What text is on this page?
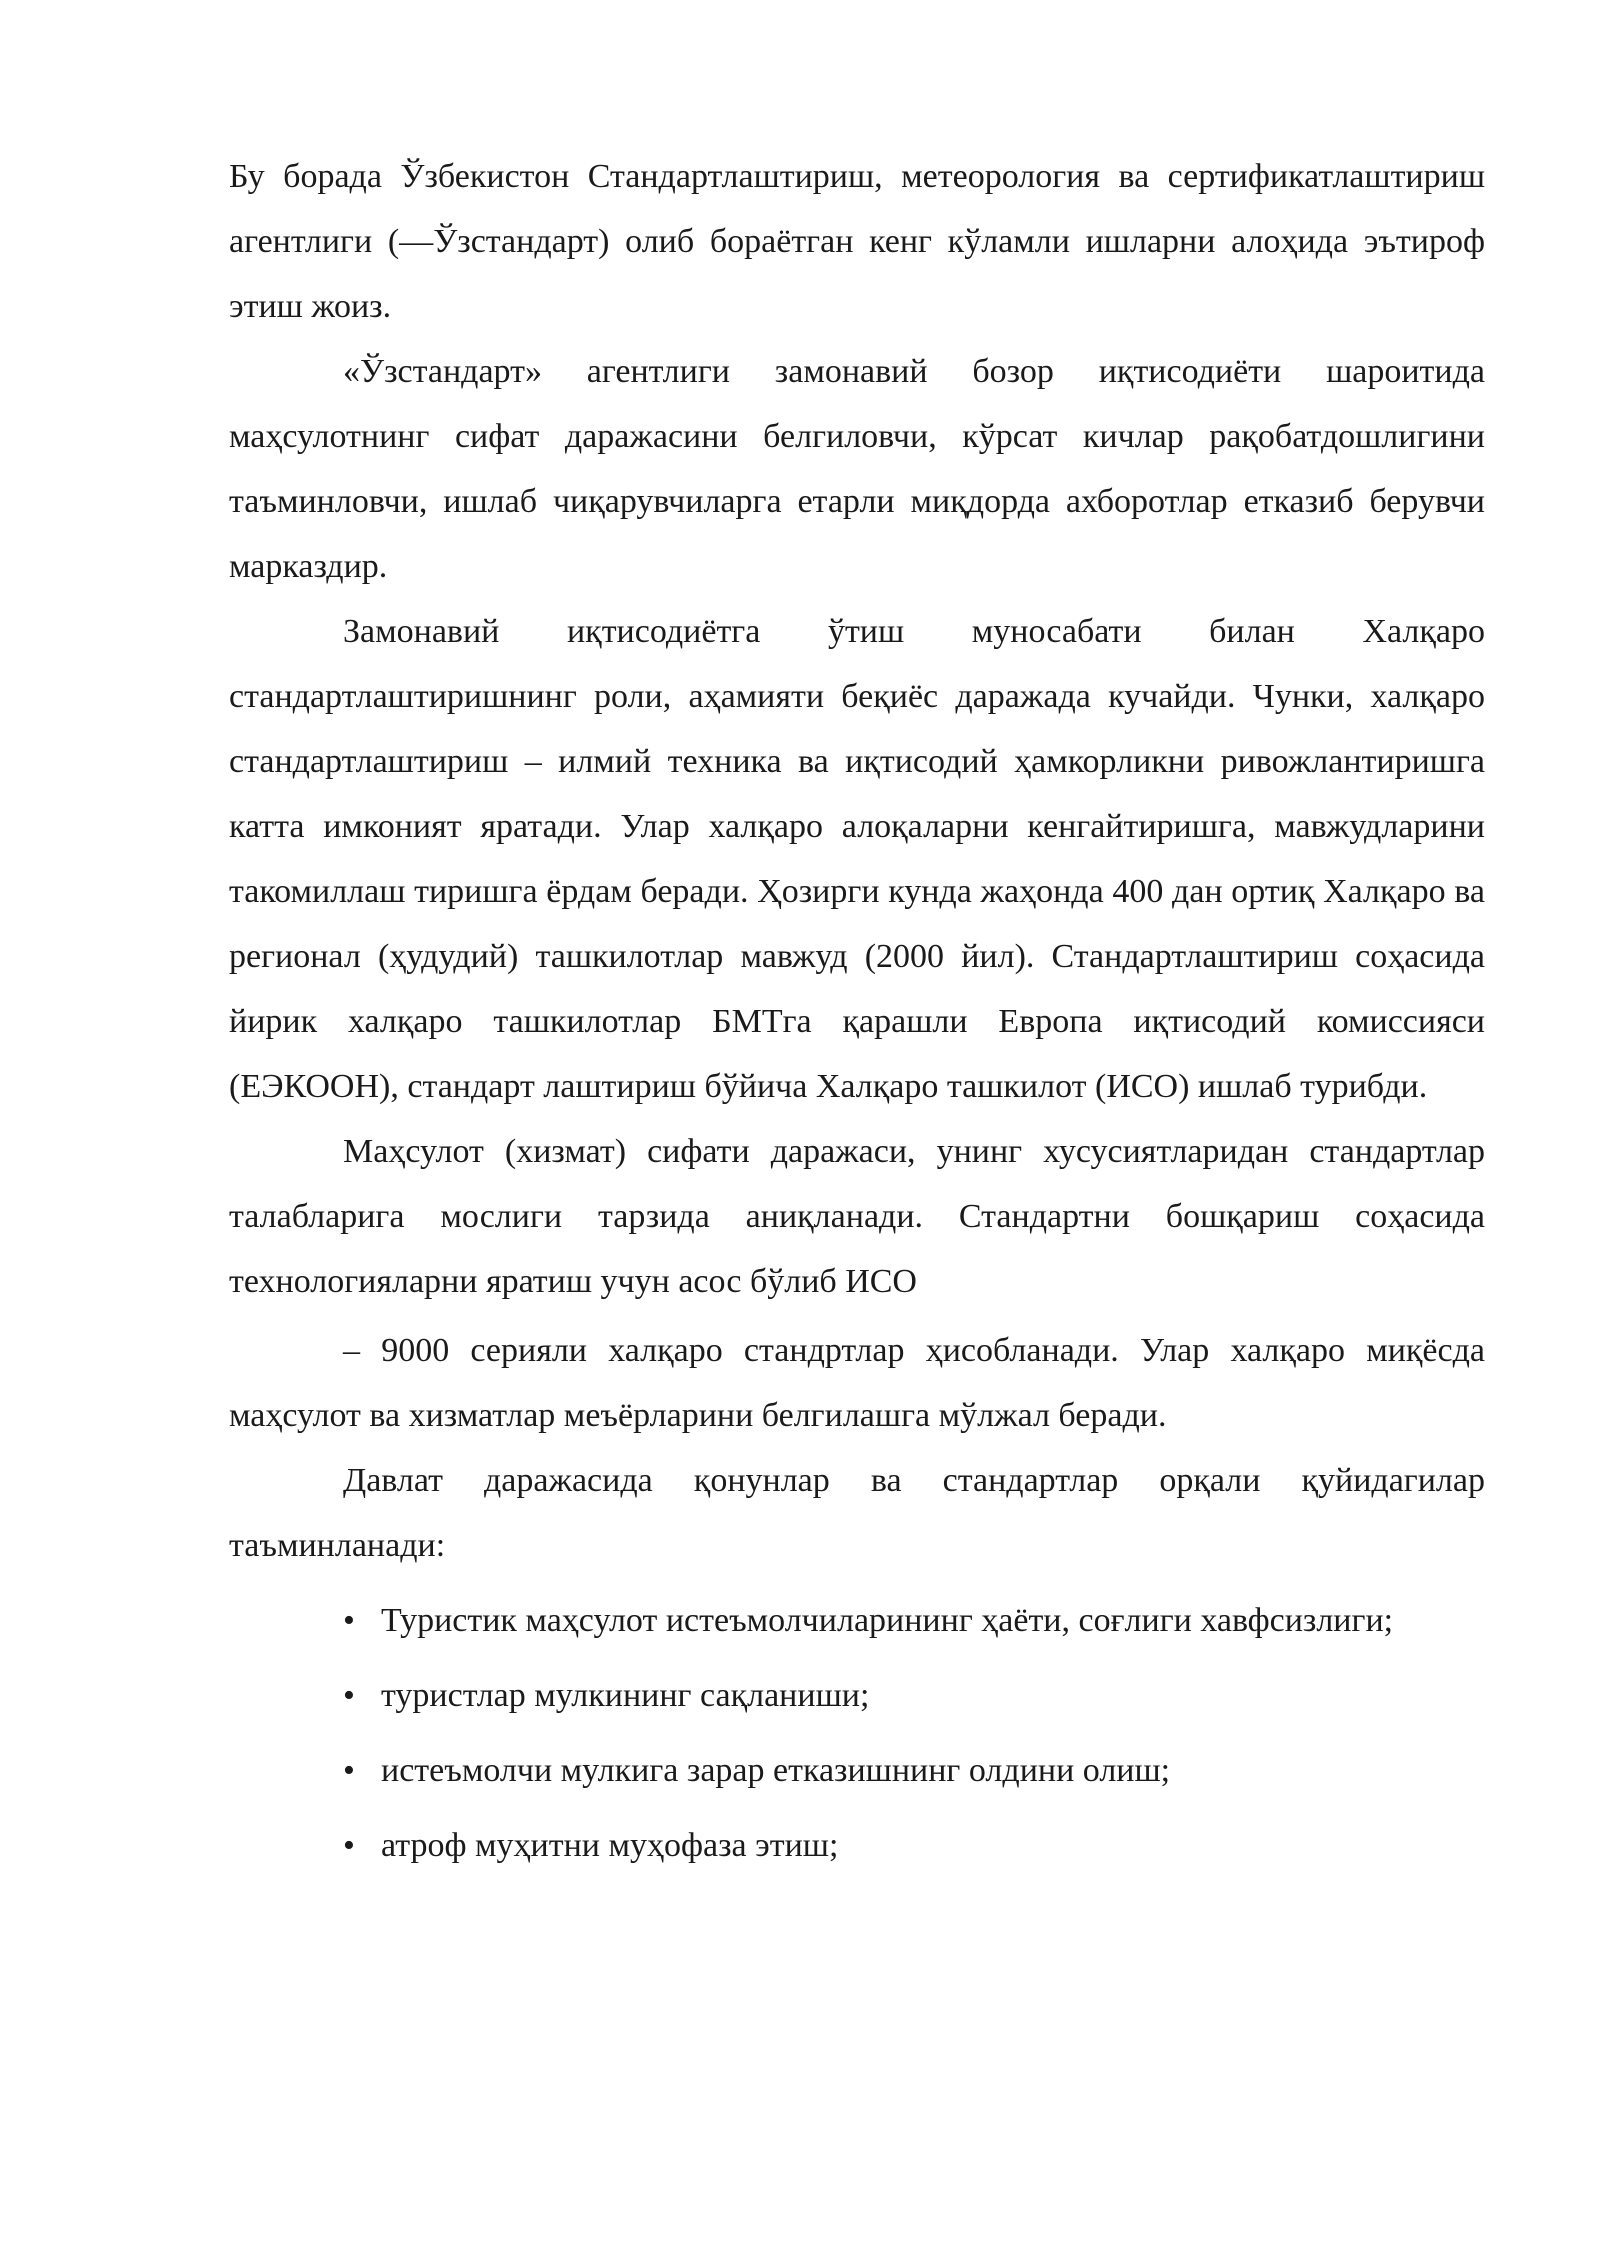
Бу борада Ўзбекистон Стандартлаштириш, метеорология ва сертификатлаштириш агентлиги (—Ўзстандарт) олиб бораётган кенг кўламли ишларни алоҳида эътироф этиш жоиз.

«Ўзстандарт» агентлиги замонавий бозор иқтисодиёти шароитида маҳсулотнинг сифат даражасини белгиловчи, кўрсат кичлар рақобатдошлигини таъминловчи, ишлаб чиқарувчиларга етарли миқдорда ахборотлар етказиб берувчи марказдир.

Замонавий иқтисодиётга ўтиш муносабати билан Халқаро стандартлаштиришнинг роли, аҳамияти беқиёс даражада кучайди. Чунки, халқаро стандартлаштириш – илмий техника ва иқтисодий ҳамкорликни ривожлантиришга катта имконият яратади. Улар халқаро алоқаларни кенгайтиришга, мавжудларини такомиллаш тиришга ёрдам беради. Ҳозирги кунда жаҳонда 400 дан ортиқ Халқаро ва регионал (ҳудудий) ташкилотлар мавжуд (2000 йил). Стандартлаштириш соҳасида йирик халқаро ташкилотлар БМТга қарашли Европа иқтисодий комиссияси (ЕЭКООН), стандарт лаштириш бўйича Халқаро ташкилот (ИСО) ишлаб турибди.

Маҳсулот (хизмат) сифати даражаси, унинг хусусиятларидан стандартлар талабларига мослиги тарзида аниқланади. Стандартни бошқариш соҳасида технологияларни яратиш учун асос бўлиб ИСО

– 9000 серияли халқаро стандртлар ҳисобланади. Улар халқаро миқёсда маҳсулот ва хизматлар меъёрларини белгилашга мўлжал беради.

Давлат даражасида қонунлар ва стандартлар орқали қуйидагилар таъминланади:

• Туристик маҳсулот истеъмолчиларининг ҳаёти, соғлиги хавфсизлиги;
• туристлар мулкининг сақланиши;
• истеъмолчи мулкига зарар етказишнинг олдини олиш;
• атроф муҳитни муҳофаза этиш;
